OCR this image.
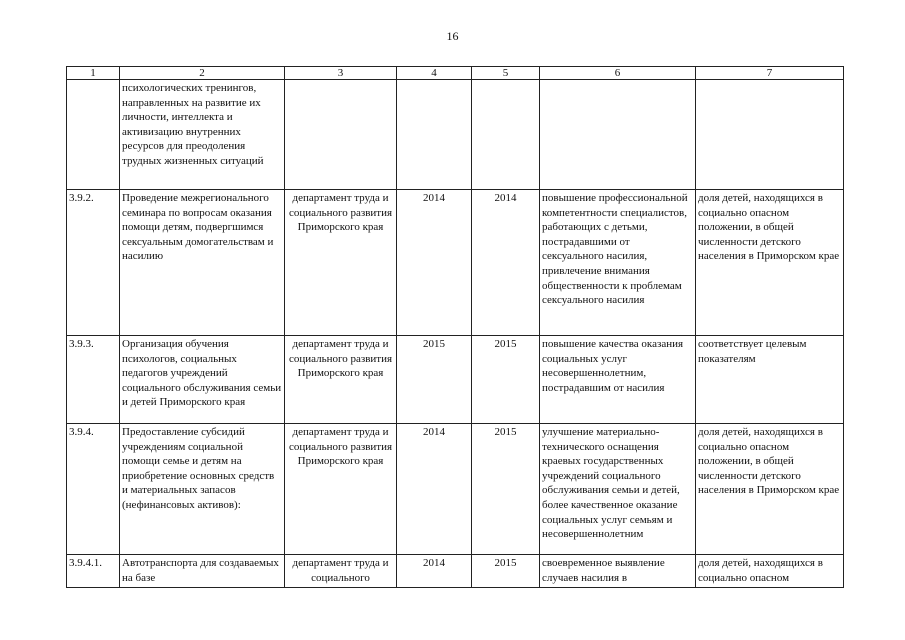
16
1	2	3	4	5	6	7
	психологических тренингов, направленных на развитие их личности, интеллекта и активизацию внутренних ресурсов для преодоления трудных жизненных ситуаций					
3.9.2.	Проведение межрегионального семинара по вопросам оказания помощи детям, подвергшимся сексуальным домогательствам и насилию	департамент труда и социального развития Приморского края	2014	2014	повышение профессиональной компетентности специалистов, работающих с детьми, пострадавшими от сексуального насилия, привлечение внимания общественности к проблемам сексуального насилия	доля детей, находящихся в социально опасном положении, в общей численности детского населения в Приморском крае
3.9.3.	Организация обучения психологов, социальных педагогов учреждений социального обслуживания семьи и детей Приморского края	департамент труда и социального развития Приморского края	2015	2015	повышение качества оказания социальных услуг несовершеннолетним, пострадавшим от насилия	соответствует целевым показателям
3.9.4.	Предоставление субсидий учреждениям социальной помощи семье и детям на приобретение основных средств и материальных запасов (нефинансовых активов):	департамент труда и социального развития Приморского края	2014	2015	улучшение материально-технического оснащения краевых государственных учреждений социального обслуживания семьи и детей, более качественное оказание социальных услуг семьям и несовершеннолетним	доля детей, находящихся в социально опасном положении, в общей численности детского населения в Приморском крае
3.9.4.1.	Автотранспорта для создаваемых на базе	департамент труда и социального	2014	2015	своевременное выявление случаев насилия в	доля детей, находящихся в социально опасном
